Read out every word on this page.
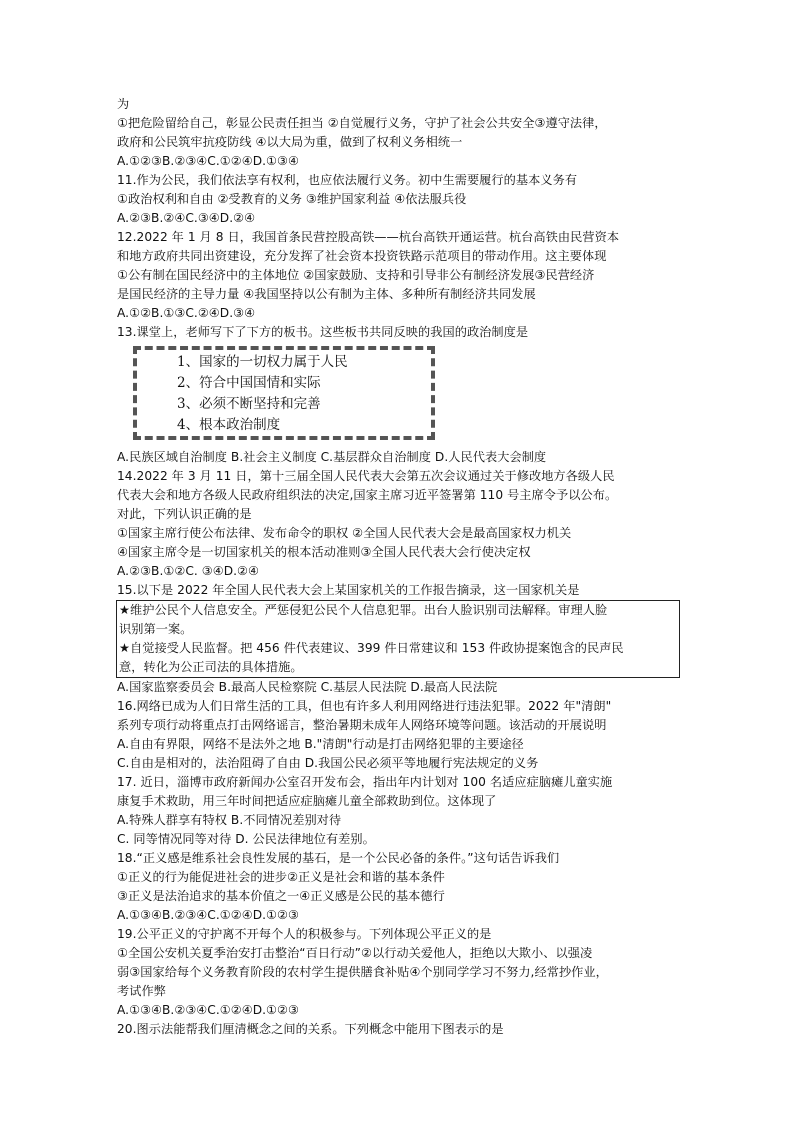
为
①把危险留给自己，彰显公民责任担当 ②自觉履行义务，守护了社会公共安全③遵守法律，
政府和公民筑牢抗疫防线 ④以大局为重，做到了权利义务相统一
A.①②③B.②③④C.①②④D.①③④
11.作为公民，我们依法享有权利，也应依法履行义务。初中生需要履行的基本义务有
①政治权利和自由 ②受教育的义务 ③维护国家利益 ④依法服兵役
A.②③B.②④C.③④D.②④
12.2022 年 1 月 8 日，我国首条民营控股高铁——杭台高铁开通运营。杭台高铁由民营资本
和地方政府共同出资建设，充分发挥了社会资本投资铁路示范项目的带动作用。这主要体现
①公有制在国民经济中的主体地位 ②国家鼓励、支持和引导非公有制经济发展③民营经济
是国民经济的主导力量 ④我国坚持以公有制为主体、多种所有制经济共同发展
A.①②B.①③C.②④D.③④
13.课堂上，老师写下了下方的板书。这些板书共同反映的我国的政治制度是
1、国家的一切权力属于人民
2、符合中国国情和实际
3、必须不断坚持和完善
4、根本政治制度
A.民族区域自治制度 B.社会主义制度 C.基层群众自治制度 D.人民代表大会制度
14.2022 年 3 月 11 日，第十三届全国人民代表大会第五次会议通过关于修改地方各级人民
代表大会和地方各级人民政府组织法的决定,国家主席习近平签署第 110 号主席令予以公布。
对此，下列认识正确的是
①国家主席行使公布法律、发布命令的职权 ②全国人民代表大会是最高国家权力机关
④国家主席令是一切国家机关的根本活动准则③全国人民代表大会行使决定权
A.②③B.①②C. ③④D.②④
15.以下是 2022 年全国人民代表大会上某国家机关的工作报告摘录，这一国家机关是
★维护公民个人信息安全。严惩侵犯公民个人信息犯罪。出台人脸识别司法解释。审理人脸
识别第一案。
★自觉接受人民监督。把 456 件代表建议、399 件日常建议和 153 件政协提案饱含的民声民
意，转化为公正司法的具体措施。
A.国家监察委员会 B.最高人民检察院 C.基层人民法院 D.最高人民法院
16.网络已成为人们日常生活的工具，但也有许多人利用网络进行违法犯罪。2022 年"清朗"
系列专项行动将重点打击网络谣言，整治暑期未成年人网络环境等问题。该活动的开展说明
A.自由有界限，网络不是法外之地 B."清朗"行动是打击网络犯罪的主要途径
C.自由是相对的，法治阻碍了自由 D.我国公民必须平等地履行宪法规定的义务
17. 近日，淄博市政府新闻办公室召开发布会，指出年内计划对 100 名适应症脑瘫儿童实施
康复手术救助，用三年时间把适应症脑瘫儿童全部救助到位。这体现了
A.特殊人群享有特权 B.不同情况差别对待
C. 同等情况同等对待 D. 公民法律地位有差别。
18.“正义感是维系社会良性发展的基石，是一个公民必备的条件。”这句话告诉我们
①正义的行为能促进社会的进步②正义是社会和谐的基本条件
③正义是法治追求的基本价值之一④正义感是公民的基本德行
A.①③④B.②③④C.①②④D.①②③
19.公平正义的守护离不开每个人的积极参与。下列体现公平正义的是
①全国公安机关夏季治安打击整治“百日行动”②以行动关爱他人，拒绝以大欺小、以强凌
弱③国家给每个义务教育阶段的农村学生提供膳食补贴④个别同学学习不努力,经常抄作业，
考试作弊
A.①③④B.②③④C.①②④D.①②③
20.图示法能帮我们厘清概念之间的关系。下列概念中能用下图表示的是
